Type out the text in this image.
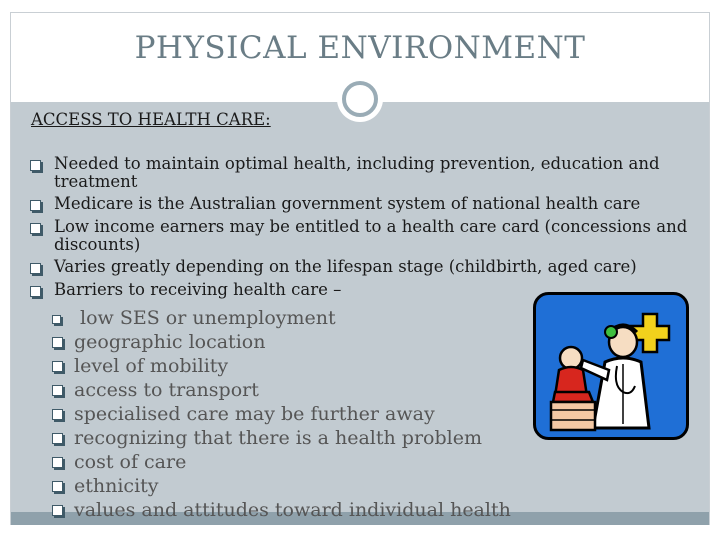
PHYSICAL ENVIRONMENT
ACCESS TO HEALTH CARE:
Needed to maintain optimal health, including prevention, education and
treatment
Medicare is the Australian government system of national health care
Low income earners may be entitled to a health care card (concessions and
discounts)
Varies greatly depending on the lifespan stage (childbirth, aged care)
Barriers to receiving health care –
low SES or unemployment
geographic location
level of mobility
access to transport
specialised care may be further away
recognizing that there is a health problem
cost of care
ethnicity
values and attitudes toward individual health
